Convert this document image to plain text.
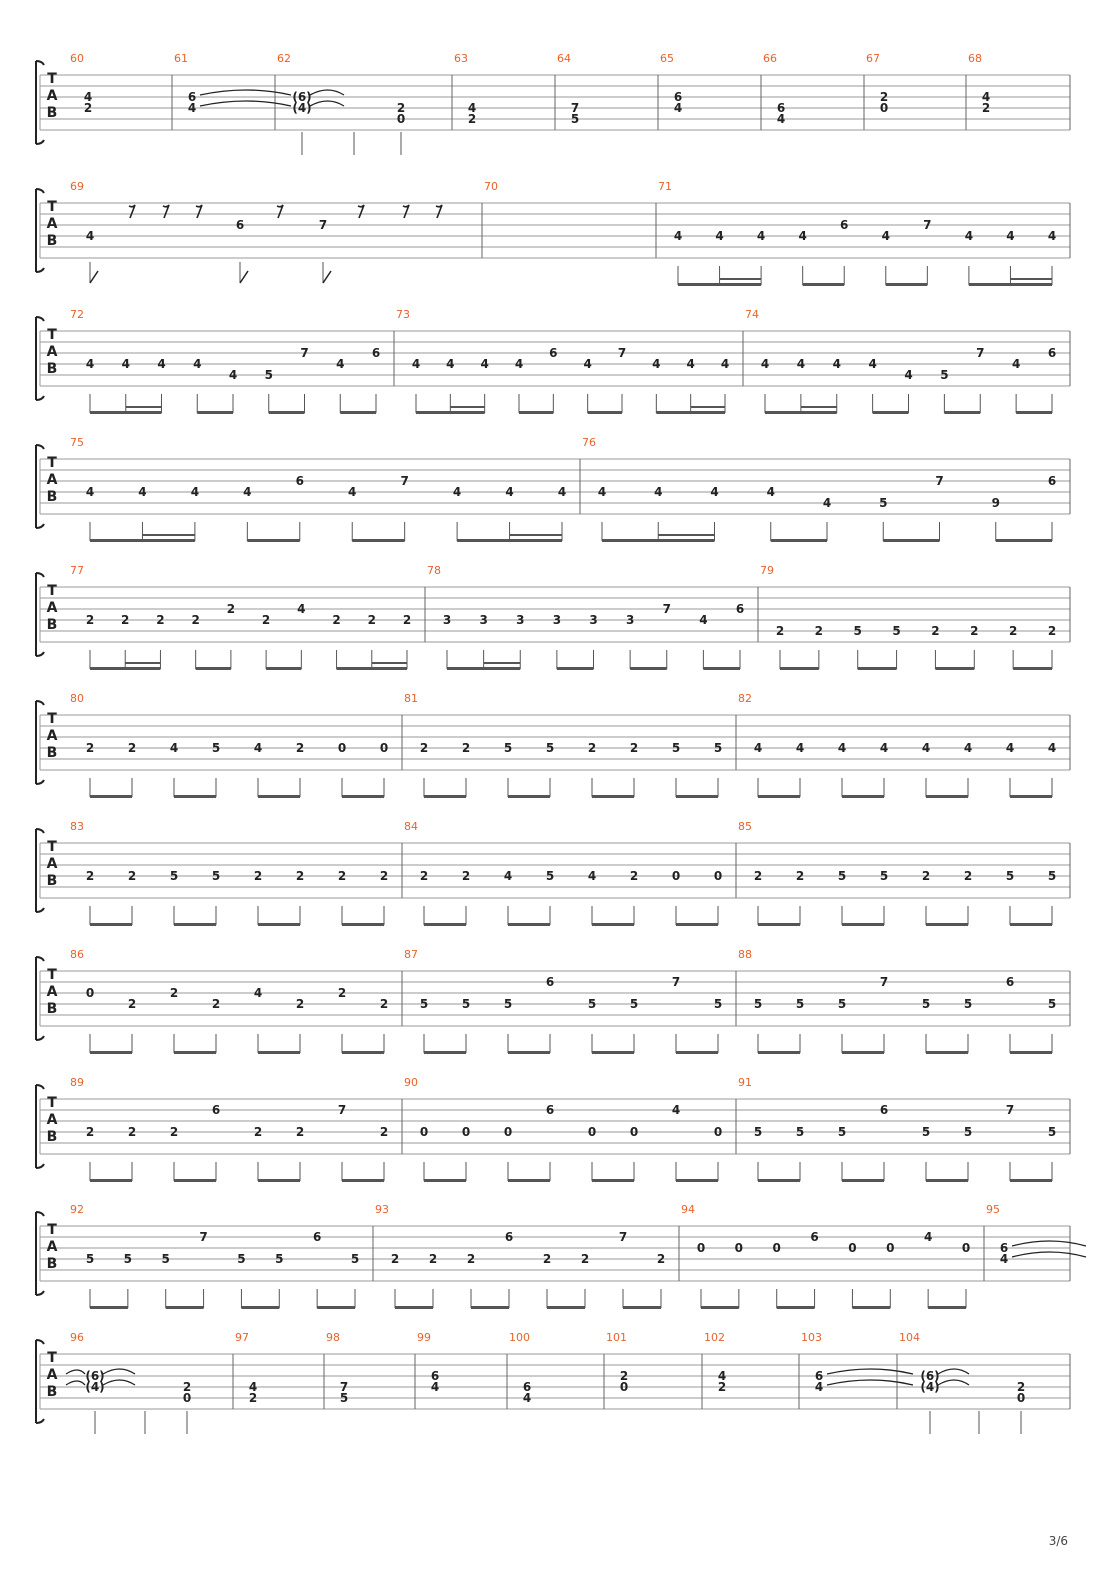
T
A
B
60
4
2
61
6
4
62
(6)
(4)	2
0
63
4
2
64
7
5
65
6
4
66
6
4
67
2
0
68
4
2
T
A
B
69
4
6	7
70	71
4	4	4	4
6
4
7
4	4	4
T
A
B
72
4 4 4 4
4 5
7
4
6
73
4 4 4 4
6
4
7
4 4 4
74
4 4 4 4
4 5
7
4
6
T
A
B
75
4	4	4	4
6
4
7
4	4	4
76
4	4	4	4
4	5
7
9
6
T
A
B
77
2 2 2 2
2
2
4
2 2 2
78
3 3 3 3 3 3
7
4
6
79
2	2	5	5	2	2	2	2
T
A
B
80
2	2	4	5	4	2	0	0
81
2	2	5	5	2	2	5	5
82
4	4	4	4	4	4	4	4
T
A
B
83
2	2	5	5	2	2	2	2
84
2	2	4	5	4	2	0	0
85
2	2	5	5	2	2	5	5
T
A
B
86
0
2
2
2
4
2
2
2
87
5	5	5
6
5	5
7
5
88
5	5	5
7
5	5
6
5
T
A
B
89
2	2	2
6
2	2
7
2
90
0	0	0
6
0	0
4
0
91
5	5	5
6
5	5
7
5
T
A
B
92
5 5 5
7
5 5
6
5
93
2 2 2
6
2 2
7
2
94
0 0 0
6
0 0
4
0
95
6
4
T
A
B
96
(6)
(4)	2
0
97
4
2
98
7
5
99
6
4
100
6
4
101
2
0
102
4
2
103
6
4
104
(6)
(4)	2
0
3/6
